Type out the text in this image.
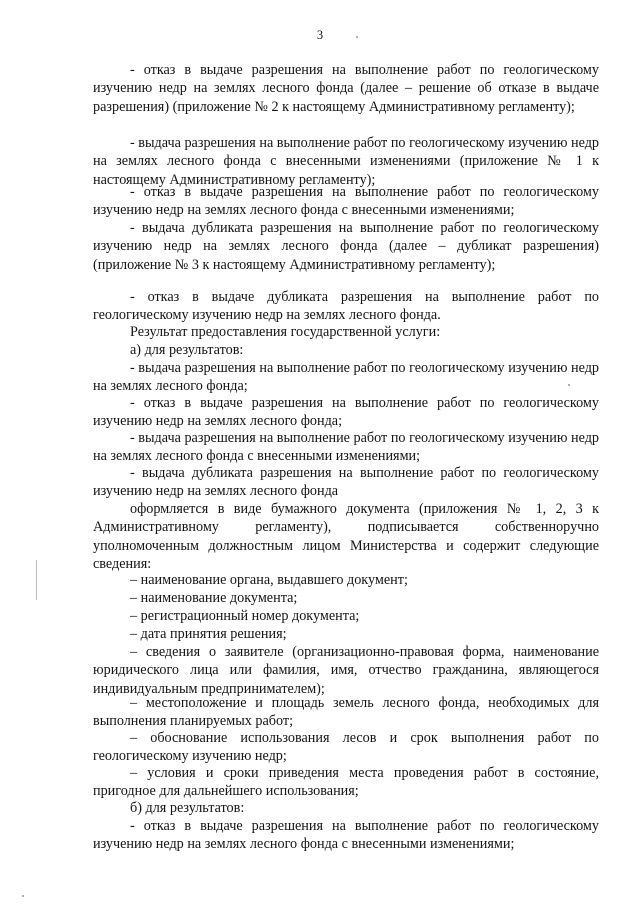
3

- отказ в выдаче разрешения на выполнение работ по геологическому изучению недр на землях лесного фонда (далее – решение об отказе в выдаче разрешения) (приложение № 2 к настоящему Административному регламенту);

- выдача разрешения на выполнение работ по геологическому изучению недр на землях лесного фонда с внесенными изменениями (приложение № 1 к настоящему Административному регламенту);

- отказ в выдаче разрешения на выполнение работ по геологическому изучению недр на землях лесного фонда с внесенными изменениями;

- выдача дубликата разрешения на выполнение работ по геологическому изучению недр на землях лесного фонда (далее – дубликат разрешения) (приложение № 3 к настоящему Административному регламенту);

- отказ в выдаче дубликата разрешения на выполнение работ по геологическому изучению недр на землях лесного фонда.

Результат предоставления государственной услуги:

а) для результатов:

- выдача разрешения на выполнение работ по геологическому изучению недр на землях лесного фонда;

- отказ в выдаче разрешения на выполнение работ по геологическому изучению недр на землях лесного фонда;

- выдача разрешения на выполнение работ по геологическому изучению недр на землях лесного фонда с внесенными изменениями;

- выдача дубликата разрешения на выполнение работ по геологическому изучению недр на землях лесного фонда

оформляется в виде бумажного документа (приложения № 1, 2, 3 к Административному регламенту), подписывается собственноручно уполномоченным должностным лицом Министерства и содержит следующие сведения:

– наименование органа, выдавшего документ;

– наименование документа;

– регистрационный номер документа;

– дата принятия решения;

– сведения о заявителе (организационно-правовая форма, наименование юридического лица или фамилия, имя, отчество гражданина, являющегося индивидуальным предпринимателем);

– местоположение и площадь земель лесного фонда, необходимых для выполнения планируемых работ;

– обоснование использования лесов и срок выполнения работ по геологическому изучению недр;

– условия и сроки приведения места проведения работ в состояние, пригодное для дальнейшего использования;

б) для результатов:

- отказ в выдаче разрешения на выполнение работ по геологическому изучению недр на землях лесного фонда с внесенными изменениями;
